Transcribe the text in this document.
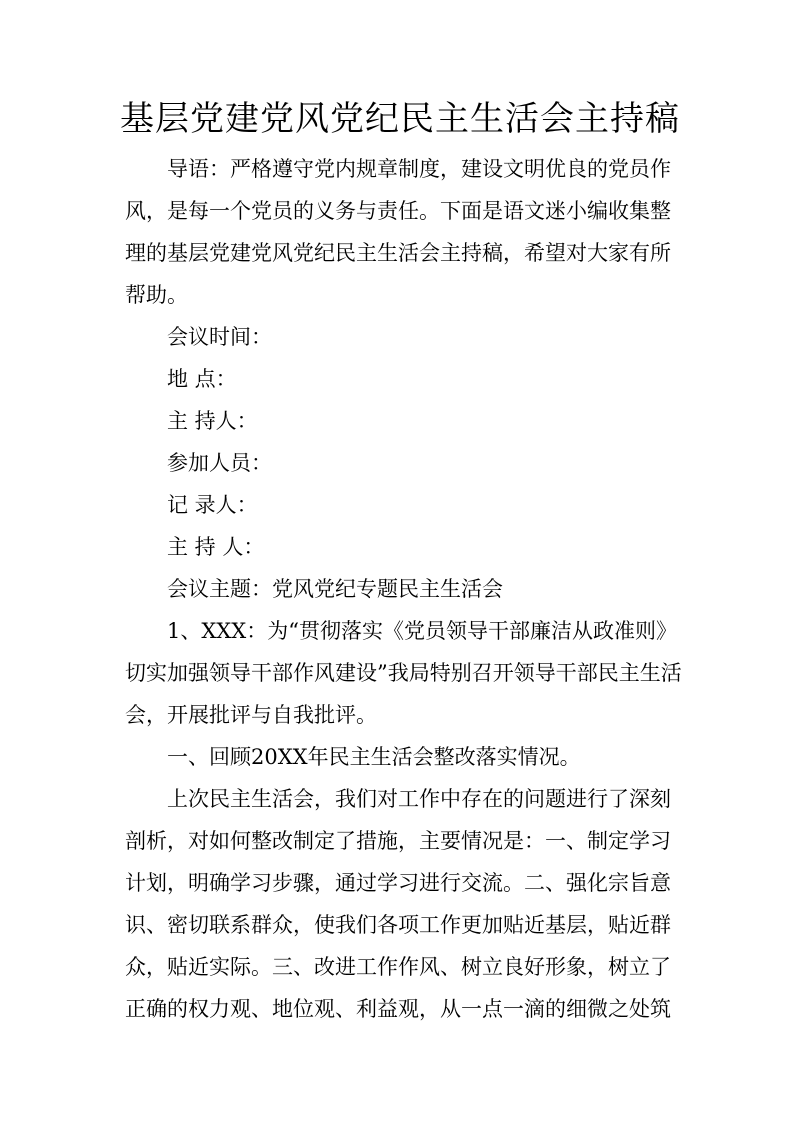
基层党建党风党纪民主生活会主持稿

导语：严格遵守党内规章制度，建设文明优良的党员作风，是每一个党员的义务与责任。下面是语文迷小编收集整理的基层党建党风党纪民主生活会主持稿，希望对大家有所帮助。

会议时间：

地 点：

主 持人：

参加人员：

记 录人：

主 持 人：

会议主题：党风党纪专题民主生活会

1、XXX：为“贯彻落实《党员领导干部廉洁从政准则》切实加强领导干部作风建设”我局特别召开领导干部民主生活会，开展批评与自我批评。

一、回顾20XX年民主生活会整改落实情况。

上次民主生活会，我们对工作中存在的问题进行了深刻剖析，对如何整改制定了措施，主要情况是：一、制定学习计划，明确学习步骤，通过学习进行交流。二、强化宗旨意识、密切联系群众，使我们各项工作更加贴近基层，贴近群众，贴近实际。三、改进工作作风、树立良好形象，树立了正确的权力观、地位观、利益观，从一点一滴的细微之处筑
